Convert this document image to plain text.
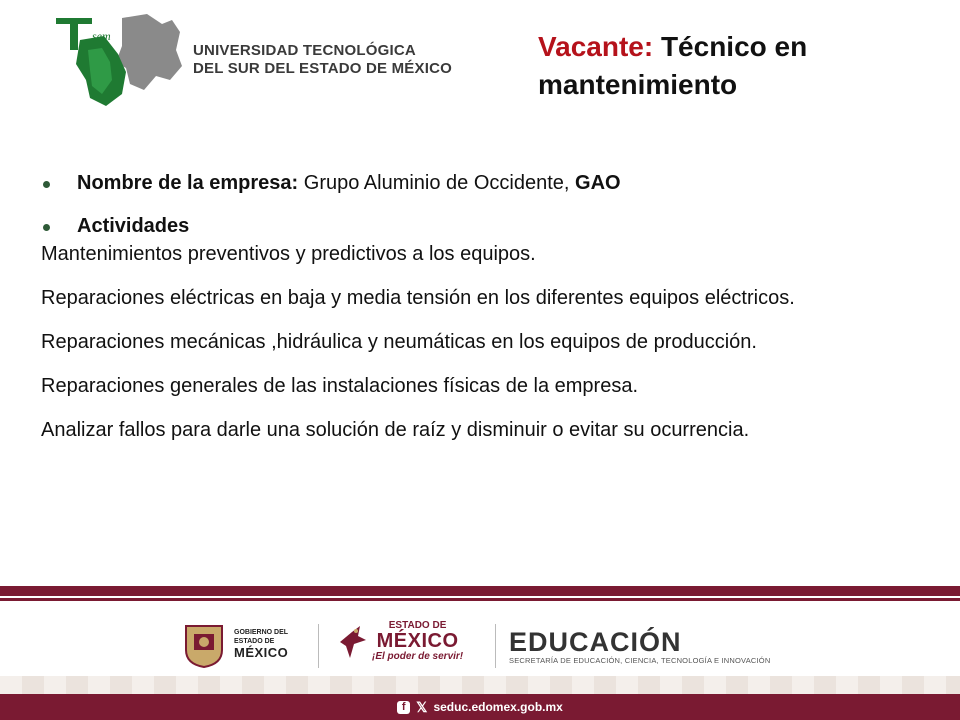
sem
UNIVERSIDAD TECNOLÓGICA
DEL SUR DEL ESTADO DE MÉXICO
Vacante: Técnico en mantenimiento
Nombre de la empresa: Grupo Aluminio de Occidente, GAO
Actividades

Mantenimientos preventivos y predictivos a los equipos.

Reparaciones eléctricas en baja y media tensión en los diferentes equipos eléctricos.

Reparaciones mecánicas ,hidráulica y neumáticas en los equipos de producción.

Reparaciones generales de las instalaciones físicas de la empresa.

Analizar fallos para darle una solución de raíz y disminuir o evitar su ocurrencia.

GOBIERNO DEL
ESTADO DE
MÉXICO
ESTADO DE
MÉXICO
¡El poder de servir! EDUCACIÓN
SECRETARÍA DE EDUCACIÓN, CIENCIA, TECNOLOGÍA E INNOVACIÓN
f 𝕏 seduc.edomex.gob.mx
